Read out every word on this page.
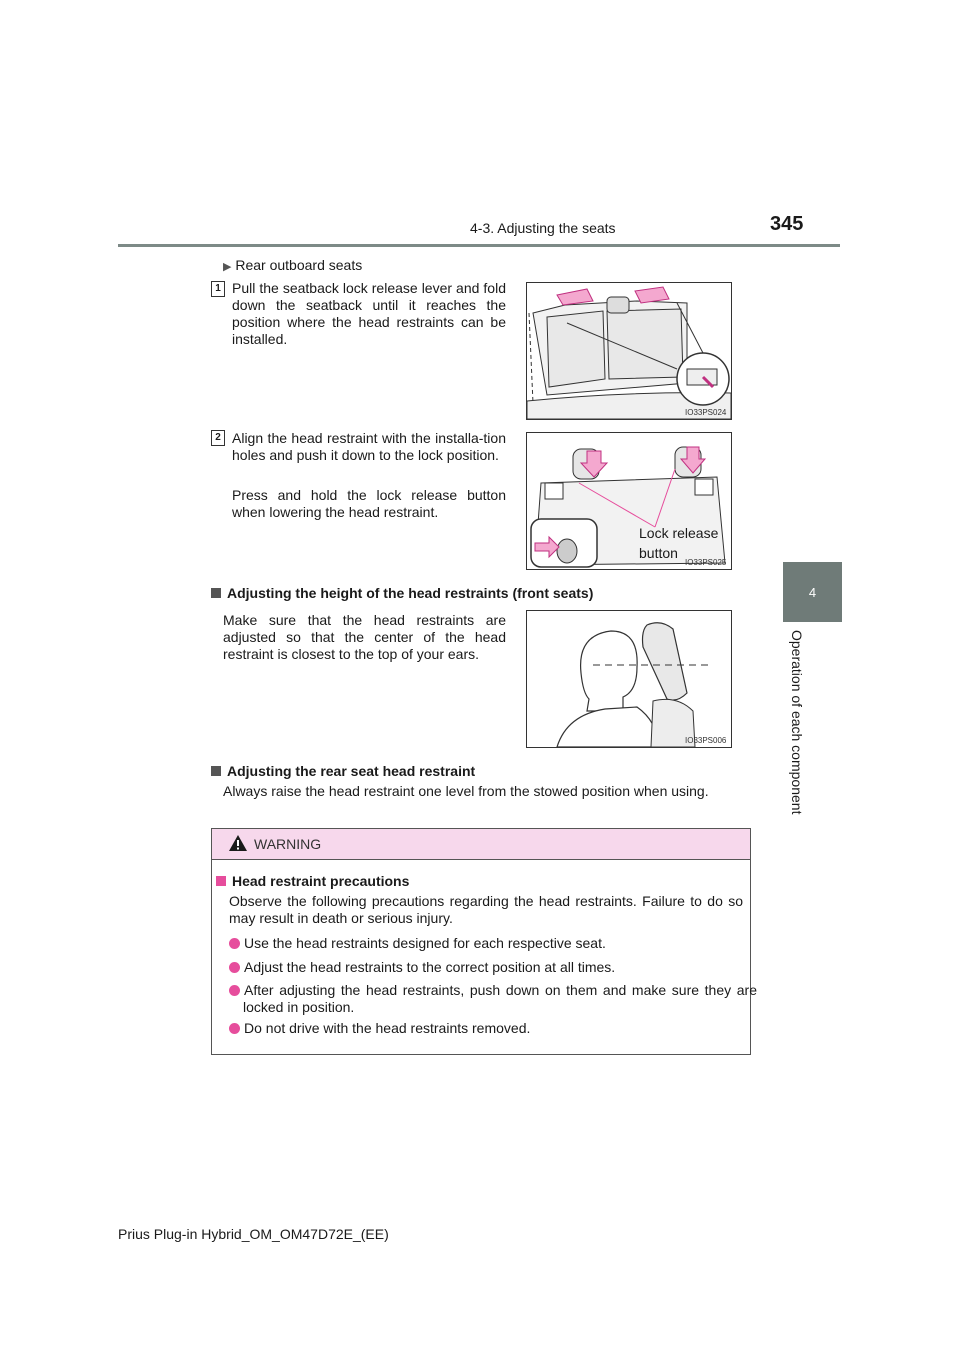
4-3. Adjusting the seats	345
4
Operation of each component
▶ Rear outboard seats
1 Pull the seatback lock release lever and fold down the seatback until it reaches the position where the head restraints can be installed.
2 Align the head restraint with the installa-tion holes and push it down to the lock position.
Press and hold the lock release button when lowering the head restraint.
IO33PS024
Lock release
button
IO33PS025
Adjusting the height of the head restraints (front seats)
Make sure that the head restraints are adjusted so that the center of the head restraint is closest to the top of your ears.
IO33PS006
Adjusting the rear seat head restraint
Always raise the head restraint one level from the stowed position when using.
WARNING
Head restraint precautions
Observe the following precautions regarding the head restraints. Failure to do so may result in death or serious injury.
Use the head restraints designed for each respective seat.
Adjust the head restraints to the correct position at all times.
After adjusting the head restraints, push down on them and make sure they are locked in position.
Do not drive with the head restraints removed.
Prius Plug-in Hybrid_OM_OM47D72E_(EE)
